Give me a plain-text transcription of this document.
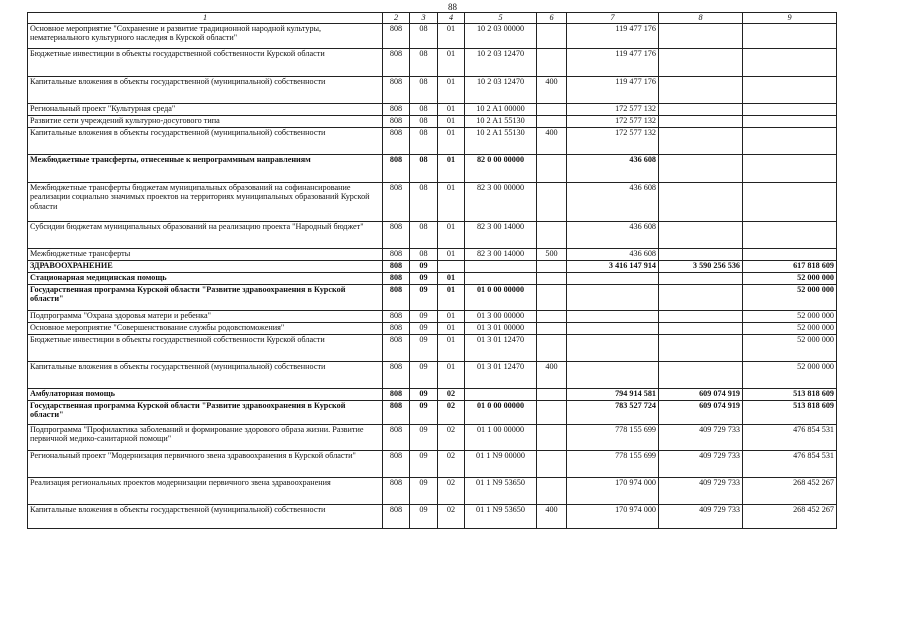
88
1	2	3	4	5	6	7	8	9
Основное мероприятие "Сохранение и развитие традиционной народной культуры, нематериального культурного наследия в Курской области"	808	08	01	10 2 03 00000		119 477 176		
Бюджетные инвестиции в объекты государственной собственности Курской области	808	08	01	10 2 03 12470		119 477 176		
Капитальные вложения в объекты государственной (муниципальной) собственности	808	08	01	10 2 03 12470	400	119 477 176		
Региональный проект "Культурная среда"	808	08	01	10 2 A1 00000		172 577 132		
Развитие сети учреждений культурно-досугового типа	808	08	01	10 2 A1 55130		172 577 132		
Капитальные вложения в объекты государственной (муниципальной) собственности	808	08	01	10 2 A1 55130	400	172 577 132		
Межбюджетные трансферты, отнесенные к непрограммным направлениям	808	08	01	82 0 00 00000		436 608		
Межбюджетные трансферты бюджетам муниципальных образований на софинансирование реализации социально значимых проектов на территориях муниципальных образований Курской области	808	08	01	82 3 00 00000		436 608		
Субсидии бюджетам муниципальных образований на реализацию проекта "Народный бюджет"	808	08	01	82 3 00 14000		436 608		
Межбюджетные трансферты	808	08	01	82 3 00 14000	500	436 608		
ЗДРАВООХРАНЕНИЕ	808	09				3 416 147 914	3 590 256 536	617 818 609
Стационарная медицинская помощь	808	09	01					52 000 000
Государственная программа Курской области "Развитие здравоохранения в Курской области"	808	09	01	01 0 00 00000				52 000 000
Подпрограмма "Охрана здоровья матери и ребенка"	808	09	01	01 3 00 00000				52 000 000
Основное мероприятие "Совершенствование службы родовспоможения"	808	09	01	01 3 01 00000				52 000 000
Бюджетные инвестиции в объекты государственной собственности Курской области	808	09	01	01 3 01 12470				52 000 000
Капитальные вложения в объекты государственной (муниципальной) собственности	808	09	01	01 3 01 12470	400			52 000 000
Амбулаторная помощь	808	09	02			794 914 581	609 074 919	513 818 609
Государственная программа Курской области "Развитие здравоохранения в Курской области"	808	09	02	01 0 00 00000		783 527 724	609 074 919	513 818 609
Подпрограмма "Профилактика заболеваний и формирование здорового образа жизни. Развитие первичной медико-санитарной помощи"	808	09	02	01 1 00 00000		778 155 699	409 729 733	476 854 531
Региональный проект "Модернизация первичного звена здравоохранения в Курской области"	808	09	02	01 1 N9 00000		778 155 699	409 729 733	476 854 531
Реализация региональных проектов модернизации первичного звена здравоохранения	808	09	02	01 1 N9 53650		170 974 000	409 729 733	268 452 267
Капитальные вложения в объекты государственной (муниципальной) собственности	808	09	02	01 1 N9 53650	400	170 974 000	409 729 733	268 452 267
